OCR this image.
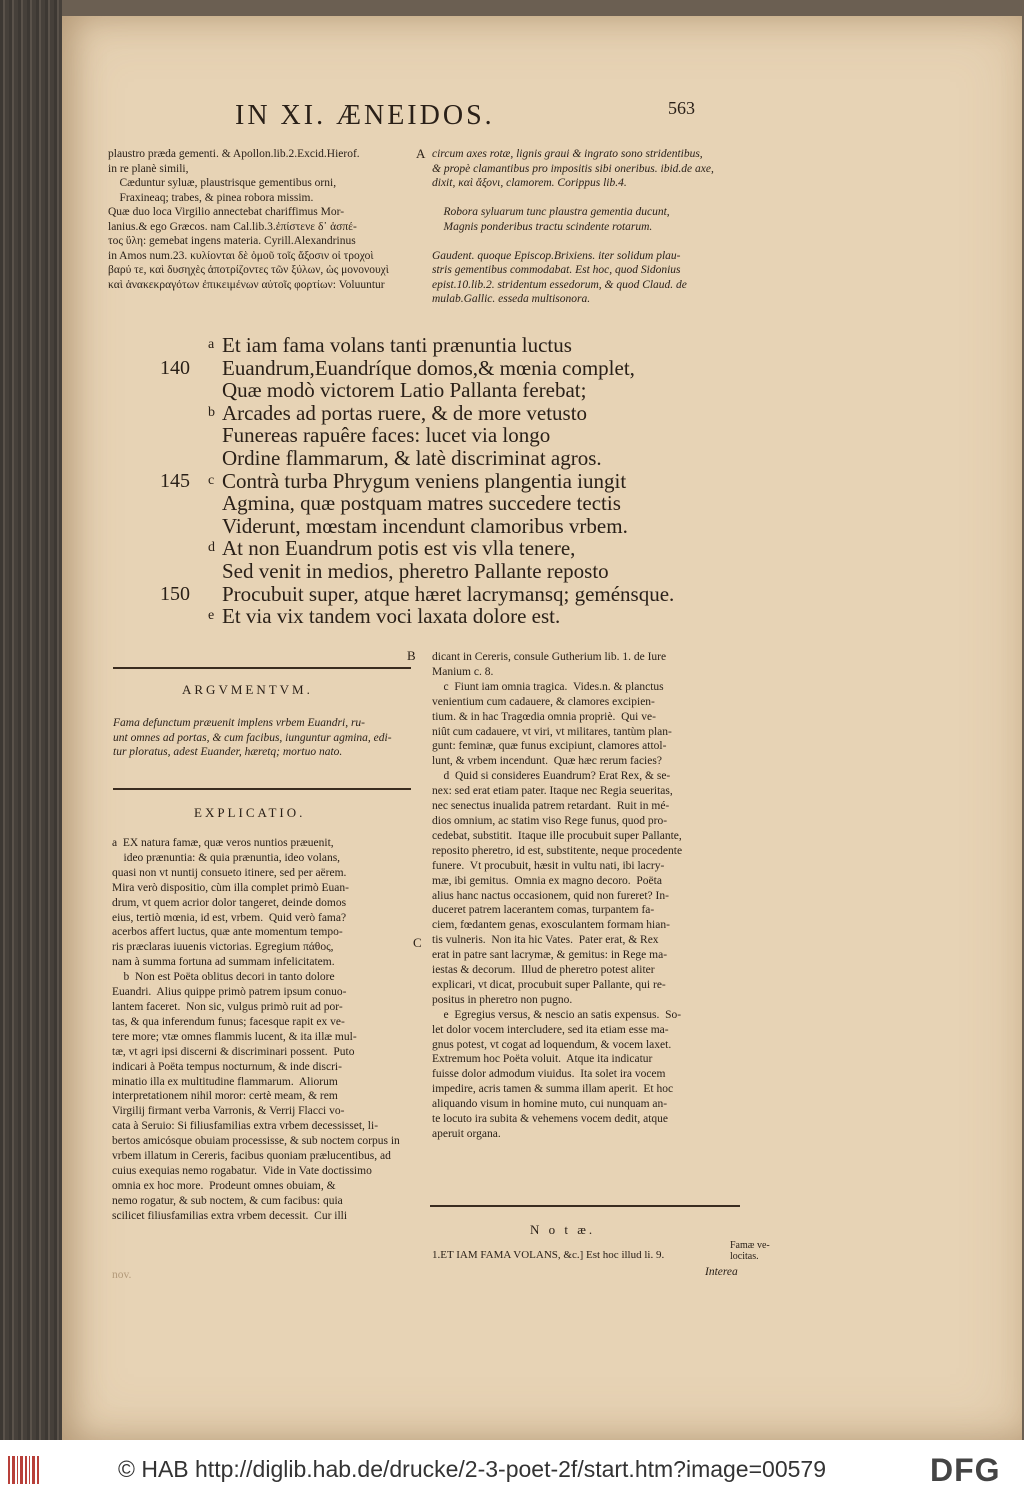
IN XI. ÆNEIDOS.	563
plaustro præda gementi. & Apollon.lib.2.Excid.Hierof.
in re planè simili,
Cæduntur syluæ, plaustrisque gementibus orni,
Fraxineaq; trabes, & pinea robora missim.
Quæ duo loca Virgilio annectebat chariffimus Mor-
lanius.& ego Græcos. nam Cal.lib.3.ἐπίστενε δ᾽ ἀσπέ-
τος ὕλη: gemebat ingens materia. Cyrill.Alexandrinus
in Amos num.23. κυλίονται δὲ ὁμοῦ τοῖς ἄξοσιν οἱ τροχοὶ
βαρύ τε, καὶ δυσηχὲς ἀποτρίζοντες τῶν ξύλων, ὡς μονονουχὶ
καὶ ἀνακεκραγότων ἐπικειμένων αὐτοῖς φορτίων: Voluuntur
circum axes rotæ, lignis graui & ingrato sono stridentibus,
& propè clamantibus pro impositis sibi oneribus. ibid.de axe,
dixit, καὶ ἄξονι, clamorem. Corippus lib.4.

Robora syluarum tunc plaustra gementia ducunt,
Magnis ponderibus tractu scindente rotarum.

Gaudent. quoque Episcop.Brixiens. iter solidum plau-
stris gementibus commodabat. Est hoc, quod Sidonius
epist.10.lib.2. stridentum essedorum, & quod Claud. de
mulab.Gallic. esseda multisonora.
A
a Et iam fama volans tanti prænuntia luctus
140	Euandrum,Euandríque domos,& mœnia complet,
Quæ modò victorem Latio Pallanta ferebat;
b Arcades ad portas ruere, & de more vetusto
Funereas rapuêre faces: lucet via longo
Ordine flammarum, & latè discriminat agros.
145	c Contrà turba Phrygum veniens plangentia iungit
Agmina, quæ postquam matres succedere tectis
Viderunt, mœstam incendunt clamoribus vrbem.
d At non Euandrum potis est vis vlla tenere,
Sed venit in medios, pheretro Pallante reposto
150	Procubuit super, atque hæret lacrymansq; geménsque.
e Et via vix tandem voci laxata dolore est.
B
ARGVMENTVM.
Fama defunctum præuenit implens vrbem Euandri, ru-
unt omnes ad portas, & cum facibus, iunguntur agmina, edi-
tur ploratus, adest Euander, hæretq; mortuo nato.
EXPLICATIO.
a  EX natura famæ, quæ veros nuntios præuenit,
ideo prænuntia: & quia prænuntia, ideo volans,
quasi non vt nuntij consueto itinere, sed per aërem.
Mira verò dispositio, cùm illa complet primò Euan-
drum, vt quem acrior dolor tangeret, deinde domos
eius, tertiò mœnia, id est, vrbem.  Quid verò fama?
acerbos affert luctus, quæ ante momentum tempo-
ris præclaras iuuenis victorias. Egregium πάθος,
nam à summa fortuna ad summam infelicitatem.
b  Non est Poëta oblitus decori in tanto dolore
Euandri.  Alius quippe primò patrem ipsum conuo-
lantem faceret.  Non sic, vulgus primò ruit ad por-
tas, & qua inferendum funus; facesque rapit ex ve-
tere more; vtæ omnes flammis lucent, & ita illæ mul-
tæ, vt agri ipsi discerni & discriminari possent.  Puto
indicari à Poëta tempus nocturnum, & inde discri-
minatio illa ex multitudine flammarum.  Aliorum
interpretationem nihil moror: certè meam, & rem
Virgilij firmant verba Varronis, & Verrij Flacci vo-
cata à Seruio: Si filiusfamilias extra vrbem decessisset, li-
bertos amicósque obuiam processisse, & sub noctem corpus in
vrbem illatum in Cereris, facibus quoniam prælucentibus, ad
cuius exequias nemo rogabatur.  Vide in Vate doctissimo
omnia ex hoc more.  Prodeunt omnes obuiam, &
nemo rogatur, & sub noctem, & cum facibus: quia
scilicet filiusfamilias extra vrbem decessit.  Cur illi
C
dicant in Cereris, consule Gutherium lib. 1. de Iure
Manium c. 8.
c  Fiunt iam omnia tragica.  Vides.n. & planctus
venientium cum cadauere, & clamores excipien-
tium. & in hac Tragœdia omnia propriè.  Qui ve-
niût cum cadauere, vt viri, vt militares, tantùm plan-
gunt: feminæ, quæ funus excipiunt, clamores attol-
lunt, & vrbem incendunt.  Quæ hæc rerum facies?
d  Quid si consideres Euandrum? Erat Rex, & se-
nex: sed erat etiam pater. Itaque nec Regia seueritas,
nec senectus inualida patrem retardant.  Ruit in mé-
dios omnium, ac statim viso Rege funus, quod pro-
cedebat, substitit.  Itaque ille procubuit super Pallante,
reposito pheretro, id est, substitente, neque procedente
funere.  Vt procubuit, hæsit in vultu nati, ibi lacry-
mæ, ibi gemitus.  Omnia ex magno decoro.  Poëta
alius hanc nactus occasionem, quid non fureret? In-
duceret patrem lacerantem comas, turpantem fa-
ciem, fœdantem genas, exosculantem formam hian-
tis vulneris.  Non ita hic Vates.  Pater erat, & Rex
erat in patre sant lacrymæ, & gemitus: in Rege ma-
iestas & decorum.  Illud de pheretro potest aliter
explicari, vt dicat, procubuit super Pallante, qui re-
positus in pheretro non pugno.
e  Egregius versus, & nescio an satis expensus.  So-
let dolor vocem intercludere, sed ita etiam esse ma-
gnus potest, vt cogat ad loquendum, & vocem laxet.
Extremum hoc Poëta voluit.  Atque ita indicatur
fuisse dolor admodum viuidus.  Ita solet ira vocem
impedire, acris tamen & summa illam aperit.  Et hoc
aliquando visum in homine muto, cui nunquam an-
te locuto ira subita & vehemens vocem dedit, atque
aperuit organa.
N o t æ.
1.ET IAM FAMA VOLANS, &c.] Est hoc illud li. 9.
Famæ ve-
locitas.
Interea
nov.
© HAB http://diglib.hab.de/drucke/2-3-poet-2f/start.htm?image=00579	DFG
